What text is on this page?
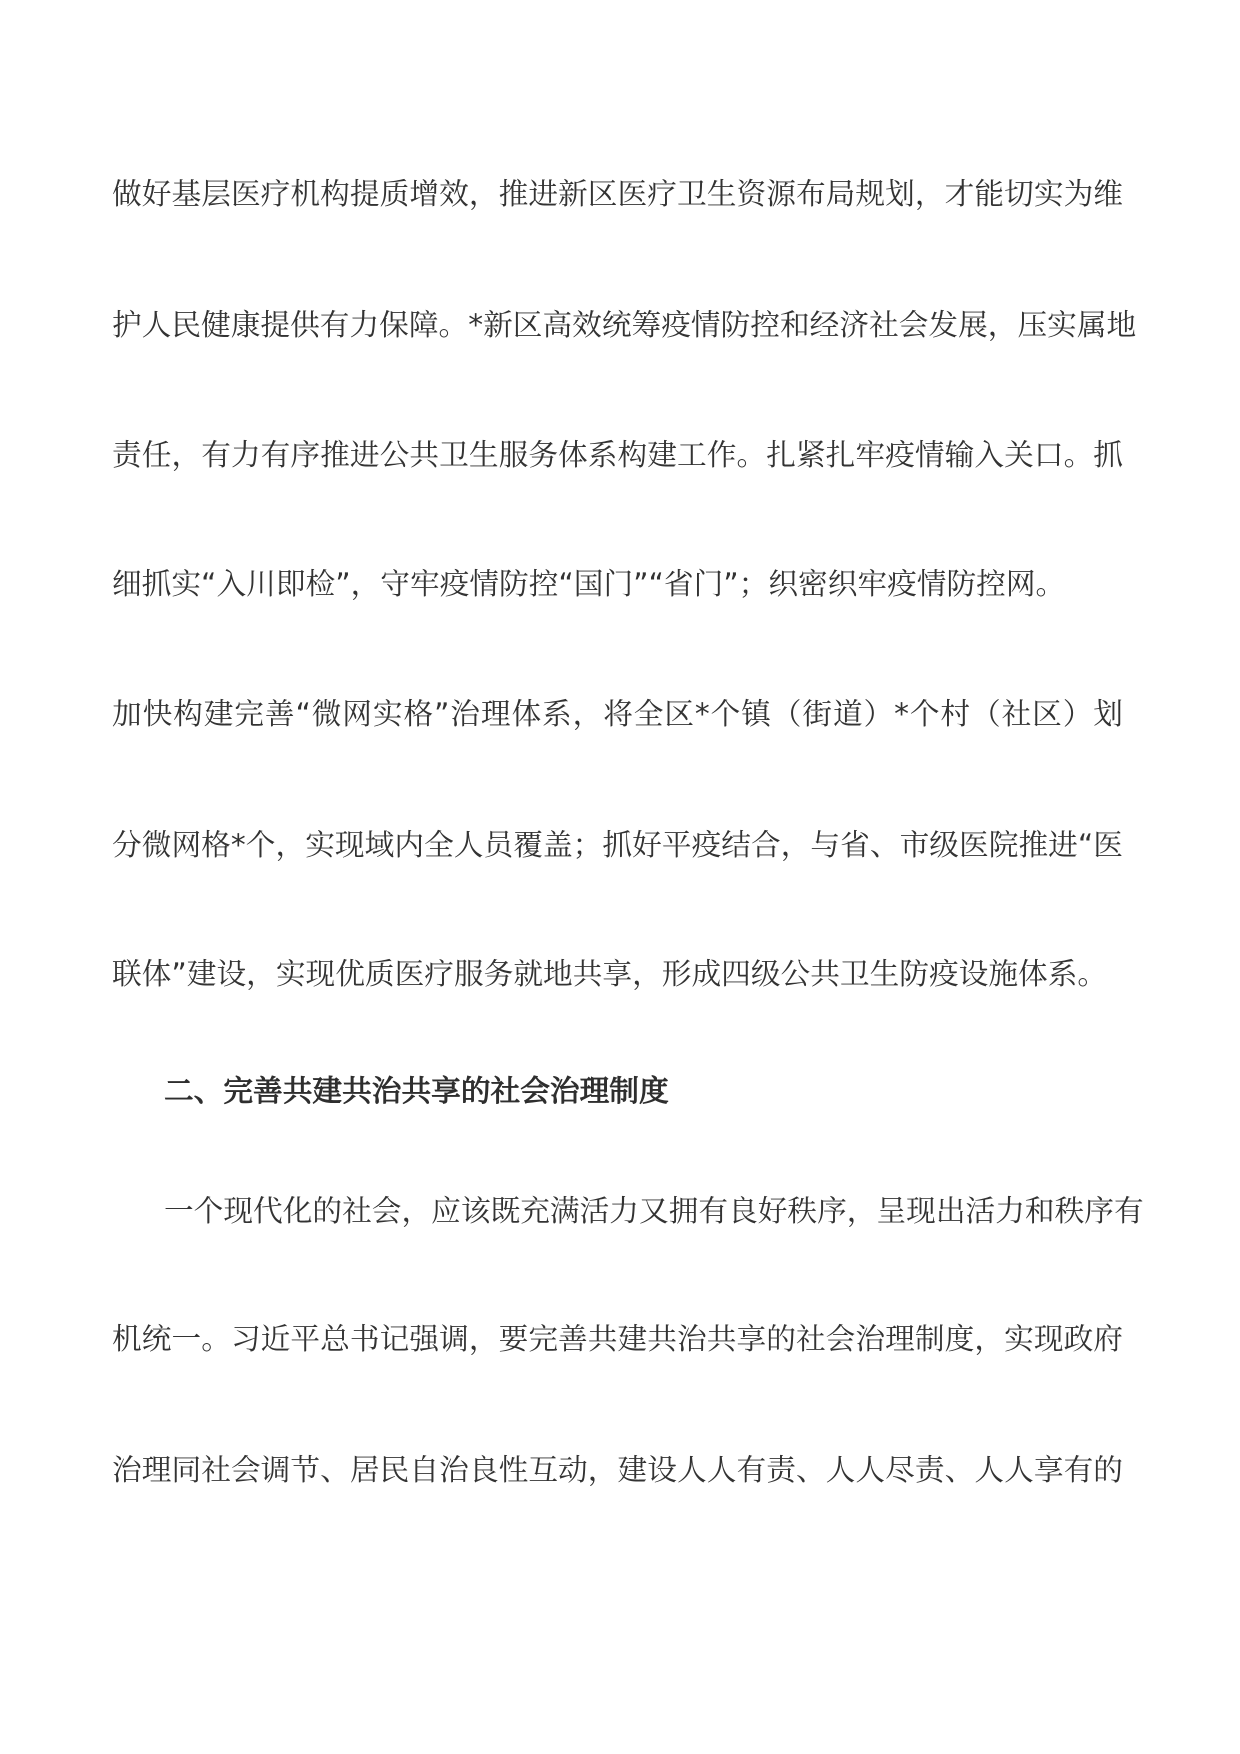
做好基层医疗机构提质增效，推进新区医疗卫生资源布局规划，才能切实为维
护人民健康提供有力保障。*新区高效统筹疫情防控和经济社会发展，压实属地
责任，有力有序推进公共卫生服务体系构建工作。扎紧扎牢疫情输入关口。抓
细抓实“入川即检”，守牢疫情防控“国门”“省门”；织密织牢疫情防控网。
加快构建完善“微网实格”治理体系，将全区*个镇（街道）*个村（社区）划
分微网格*个，实现域内全人员覆盖；抓好平疫结合，与省、市级医院推进“医
联体”建设，实现优质医疗服务就地共享，形成四级公共卫生防疫设施体系。
二、完善共建共治共享的社会治理制度
一个现代化的社会，应该既充满活力又拥有良好秩序，呈现出活力和秩序有
机统一。习近平总书记强调，要完善共建共治共享的社会治理制度，实现政府
治理同社会调节、居民自治良性互动，建设人人有责、人人尽责、人人享有的
